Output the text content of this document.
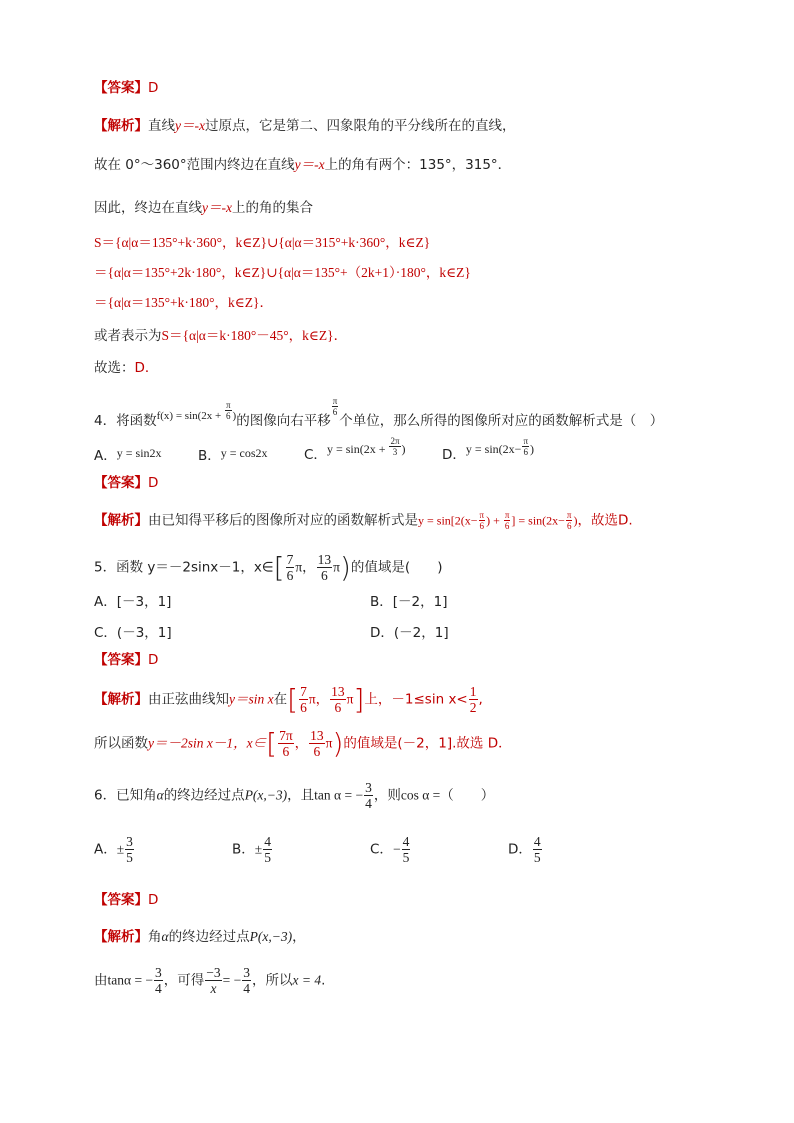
【答案】D
【解析】直线y＝-x过原点，它是第二、四象限角的平分线所在的直线，
故在 0°～360°范围内终边在直线y＝-x上的角有两个：135°，315°．
因此，终边在直线y＝-x上的角的集合
S＝{α|α＝135°+k·360°，k∈Z}∪{α|α＝315°+k·360°，k∈Z}
＝{α|α＝135°+2k·180°，k∈Z}∪{α|α＝135°+（2k+1）·180°，k∈Z}
＝{α|α＝135°+k·180°，k∈Z}．
或者表示为S＝{α|α＝k·180°－45°，k∈Z}．
故选：D．
4．将函数$^{f(x) = sin(2x +} \frac{\pi}{6} ^)$的图像向右平移
$\frac{\pi}{6}$
个单位，那么所得的图像所对应的函数解析式是（　）
A．y = sin2x	B．y = cos2x	C．$y = \sin(2x + \frac{2\pi}{3}$ )	D．$y = \sin(2x- \frac{\pi}{6}$ )
【答案】D
【解析】由已知得平移后的图像所对应的函数解析式是$y = \sin[2(x- \frac{\pi}{6}$ ) + $\frac{\pi}{6}$ ] = $\sin(2x- \frac{\pi}{6}$ )，故选D.
5．函数 y＝－2sinx－1，x∈[ $\frac{7}{6}$ π， $\frac{13}{6} \pi$)的值域是(　　)
A．[－3，1]	B．[－2，1]
C．(－3，1]	D．(－2，1]
【答案】D
【解析】由正弦曲线知y＝sin x在[ $\frac{7}{6}$ π， $\frac{13}{6} \pi$]上，－1≤sin $x< \frac{1}{2}$ ,
所以函数y＝－2sin x－1，x∈[ $\frac{7\pi}{6}$ ， $\frac{13}{6} \pi$)的值域是(－2，1].故选 D．
6．已知角α的终边经过点P(x,−3)，且tan α = − $\frac{3}{4}$ ，则cos α =（　　）
A．± $\frac{3}{5}$	B．± $\frac{4}{5}$	C．− $\frac{4}{5}$	D． $\frac{4}{5}$
【答案】D
【解析】角α的终边经过点P(x,−3)，
由tanα = − $\frac{3}{4}$ ，可得 $\frac{-3}{x}$ = − $\frac{3}{4}$ ，所以x = 4.
